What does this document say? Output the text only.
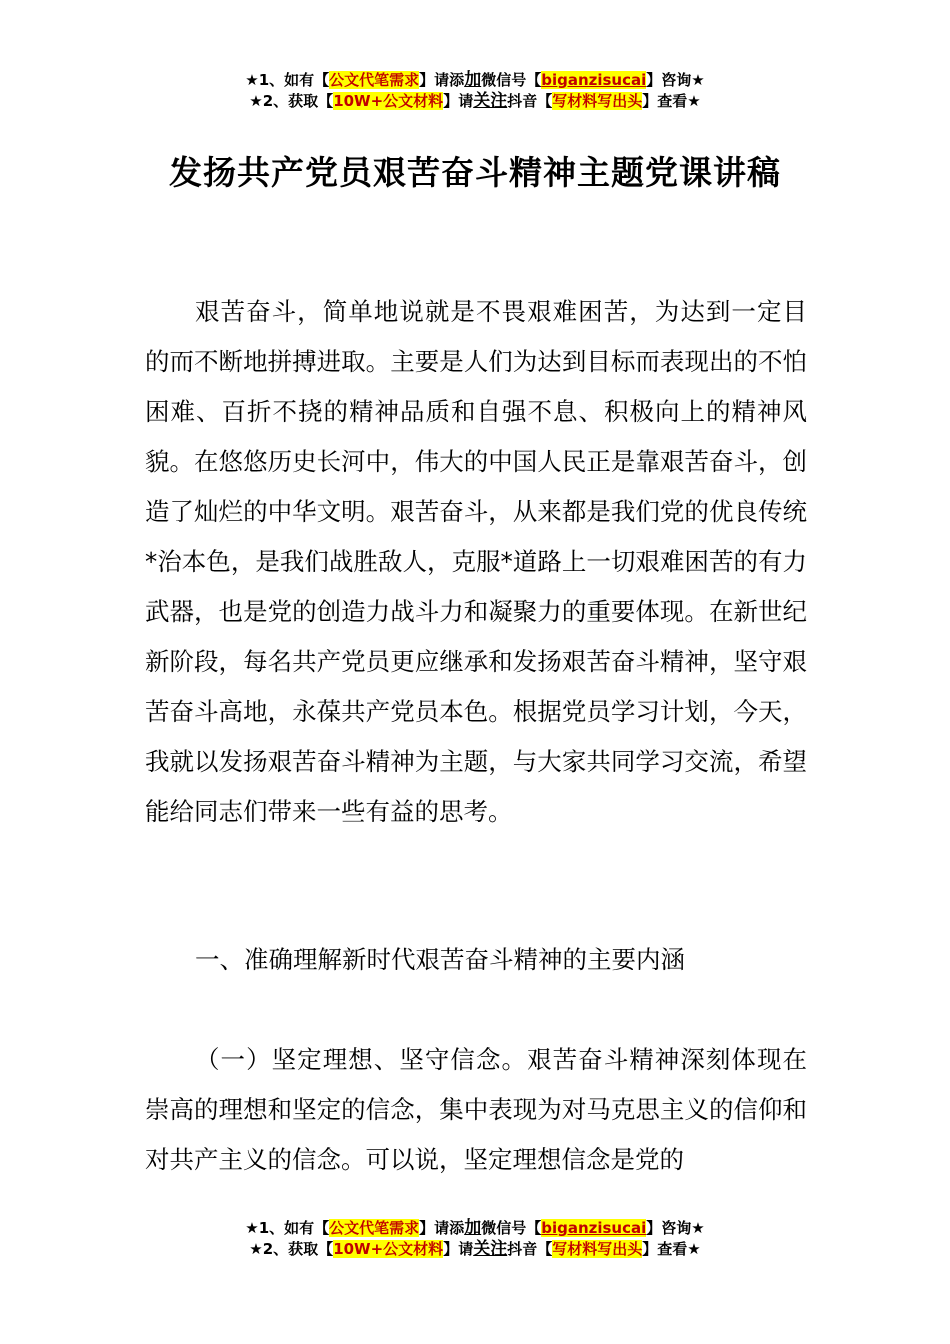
★1、如有【公文代笔需求】请添加微信号【biganzisucai】咨询★
★2、获取【10W+公文材料】请关注抖音【写材料写出头】查看★
发扬共产党员艰苦奋斗精神主题党课讲稿
艰苦奋斗，简单地说就是不畏艰难困苦，为达到一定目的而不断地拼搏进取。主要是人们为达到目标而表现出的不怕困难、百折不挠的精神品质和自强不息、积极向上的精神风貌。在悠悠历史长河中，伟大的中国人民正是靠艰苦奋斗，创造了灿烂的中华文明。艰苦奋斗，从来都是我们党的优良传统*治本色，是我们战胜敌人，克服*道路上一切艰难困苦的有力武器，也是党的创造力战斗力和凝聚力的重要体现。在新世纪新阶段，每名共产党员更应继承和发扬艰苦奋斗精神，坚守艰苦奋斗高地，永葆共产党员本色。根据党员学习计划，今天，我就以发扬艰苦奋斗精神为主题，与大家共同学习交流，希望能给同志们带来一些有益的思考。
一、准确理解新时代艰苦奋斗精神的主要内涵
（一）坚定理想、坚守信念。艰苦奋斗精神深刻体现在崇高的理想和坚定的信念，集中表现为对马克思主义的信仰和对共产主义的信念。可以说，坚定理想信念是党的
★1、如有【公文代笔需求】请添加微信号【biganzisucai】咨询★
★2、获取【10W+公文材料】请关注抖音【写材料写出头】查看★
